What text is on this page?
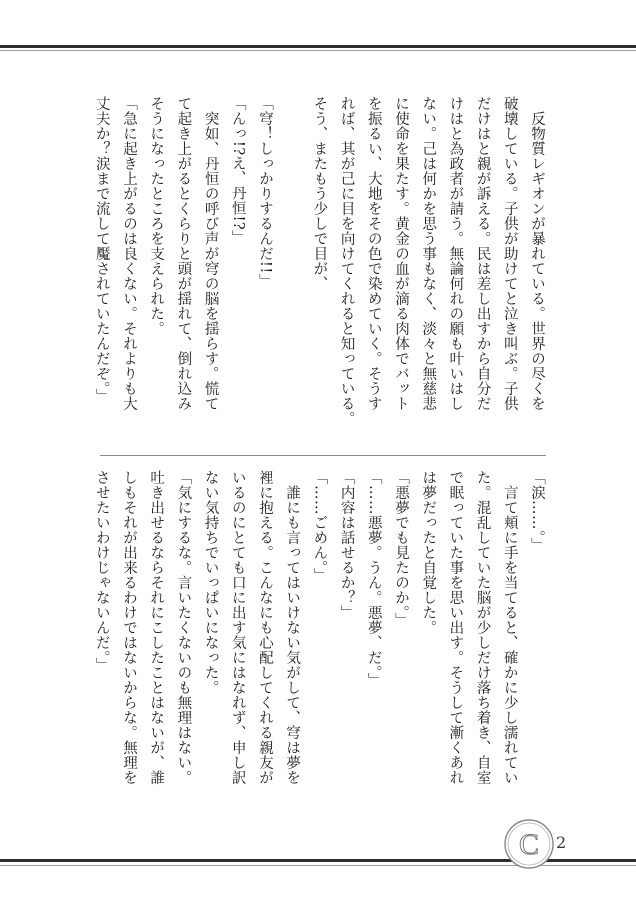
　反物質レギオンが暴れている。世界の尽くを
破壊している。子供が助けてと泣き叫ぶ。子供
だけはと親が訴える。民は差し出すから自分だ
けはと為政者が請う。無論何れの願も叶いはし
ない。己は何かを思う事もなく、淡々と無慈悲
に使命を果たす。黄金の血が滴る肉体でバット
を振るい、大地をその色で染めていく。そうす
れば、其が己に目を向けてくれると知っている。
そう、またもう少しで目が、
「穹！しっかりするんだ!!」
「んっ!?え、丹恒!?」
　突如、丹恒の呼び声が穹の脳を揺らす。慌て
て起き上がるとくらりと頭が揺れて、倒れ込み
そうになったところを支えられた。
「急に起き上がるのは良くない。それよりも大
丈夫か？涙まで流して魘されていたんだぞ。」
「涙……。」
　言て頬に手を当てると、確かに少し濡れてい
た。混乱していた脳が少しだけ落ち着き、自室
で眠っていた事を思い出す。そうして漸くあれ
は夢だったと自覚した。
「悪夢でも見たのか。」
「……悪夢。うん。悪夢、だ。」
「内容は話せるか？」
「……ごめん。」
　誰にも言ってはいけない気がして、穹は夢を
裡に抱える。こんなにも心配してくれる親友が
いるのにとても口に出す気にはなれず、申し訳
ない気持ちでいっぱいになった。
「気にするな。言いたくないのも無理はない。
吐き出せるならそれにこしたことはないが、誰
しもそれが出来るわけではないからな。無理を
させたいわけじゃないんだ。」
C 2
